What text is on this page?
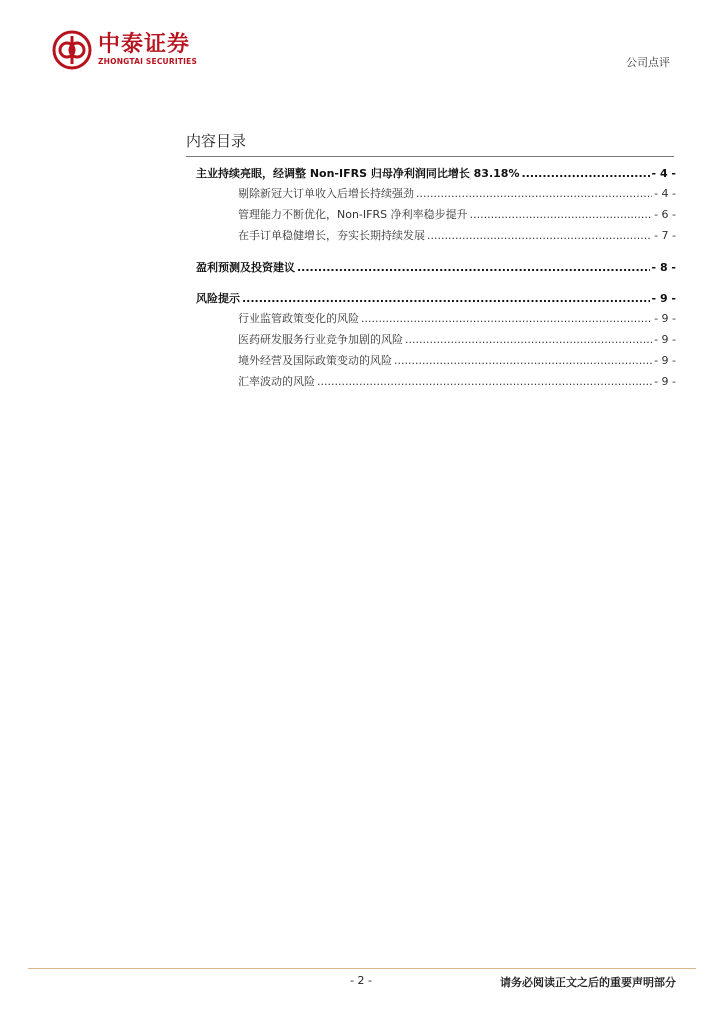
中泰证券
ZHONGTAI SECURITIES	公司点评
内容目录
主业持续亮眼，经调整 Non-IFRS 归母净利润同比增长 83.18% .....	- 4 -
剔除新冠大订单收入后增长持续强劲 .....	- 4 -
管理能力不断优化，Non-IFRS 净利率稳步提升 .....	- 6 -
在手订单稳健增长，夯实长期持续发展 .....	- 7 -
盈利预测及投资建议 .....	- 8 -
风险提示 .....	- 9 -
行业监管政策变化的风险 .....	- 9 -
医药研发服务行业竞争加剧的风险 .....	- 9 -
境外经营及国际政策变动的风险 .....	- 9 -
汇率波动的风险 .....	- 9 -
- 2 -	请务必阅读正文之后的重要声明部分
